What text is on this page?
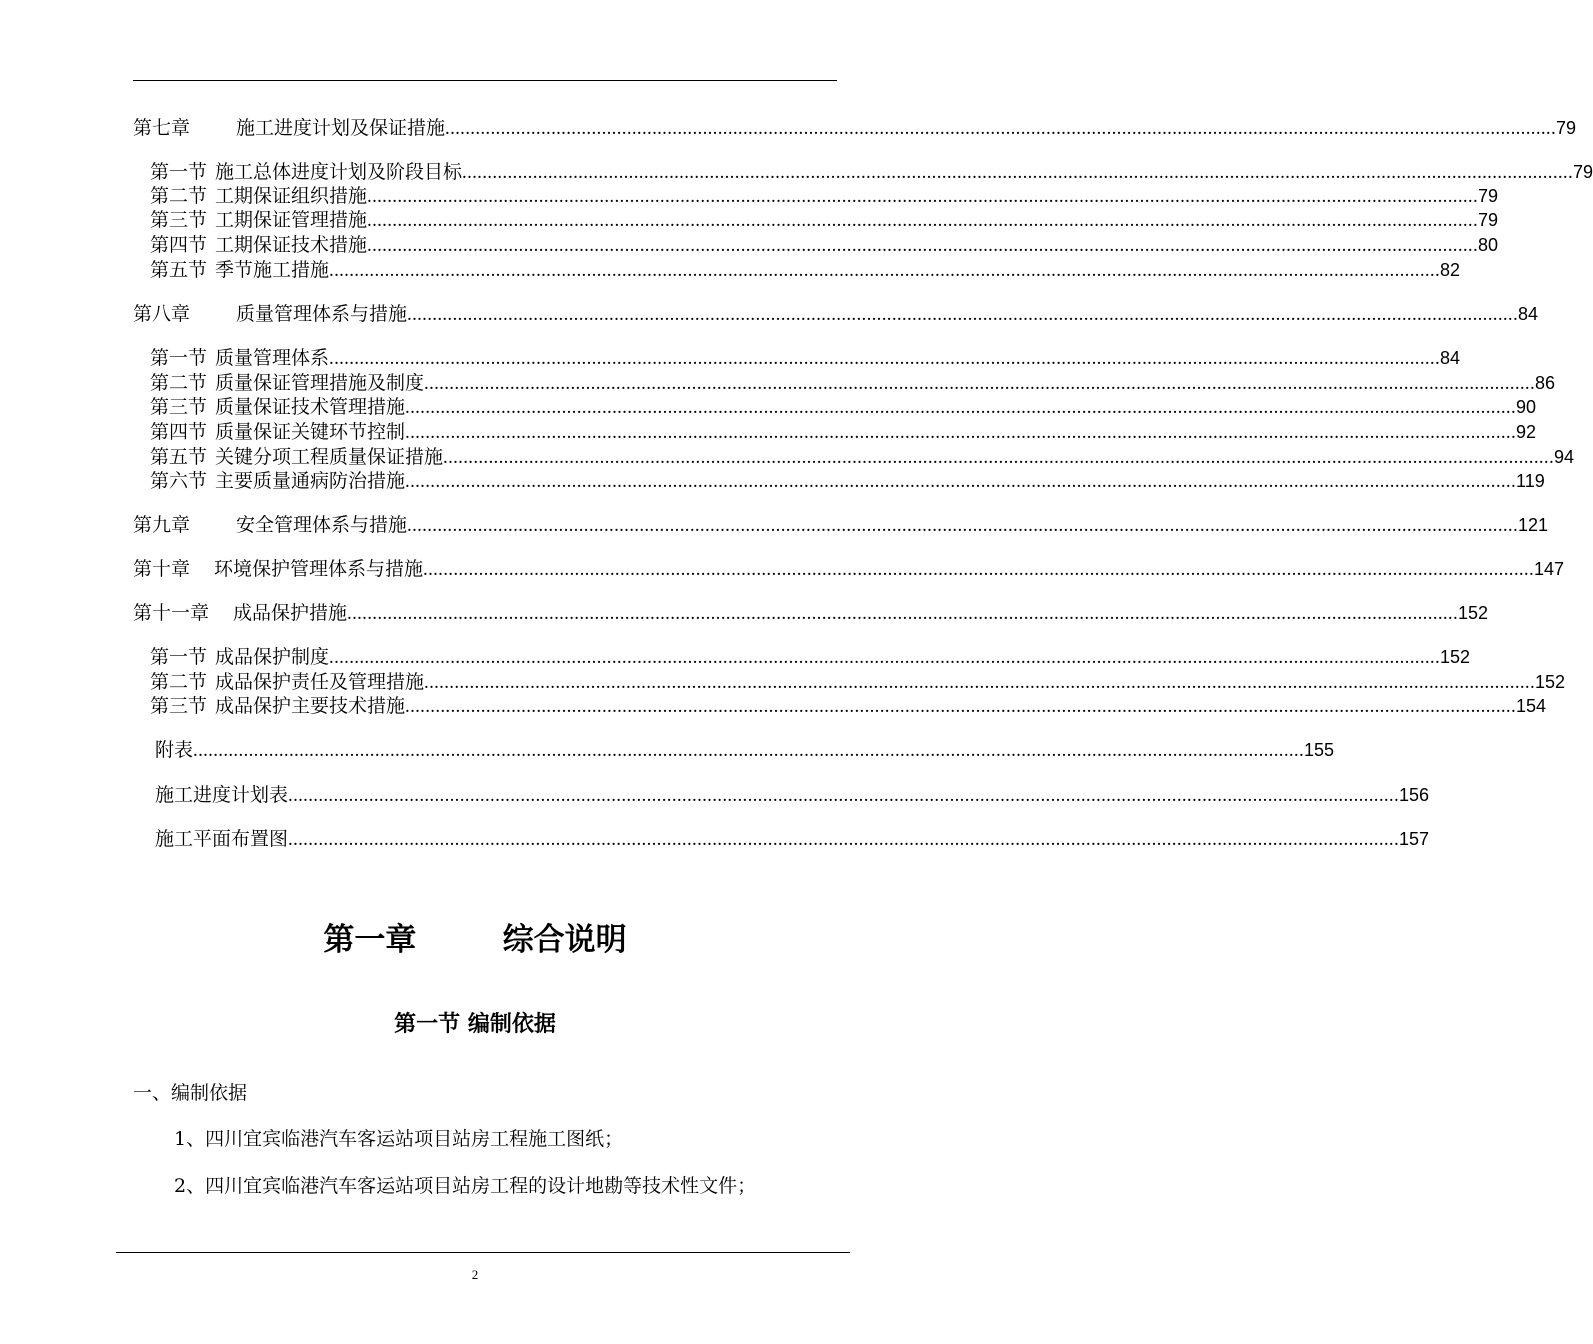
第七章 施工进度计划及保证措施 ............................................................................................................................................................................................................................ 79
第一节 施工总体进度计划及阶段目标 ............................................................................................................................................................................................................................ 79
第二节 工期保证组织措施 ............................................................................................................................................................................................................................ 79
第三节 工期保证管理措施 ............................................................................................................................................................................................................................ 79
第四节 工期保证技术措施 ............................................................................................................................................................................................................................ 80
第五节 季节施工措施 ............................................................................................................................................................................................................................ 82
第八章 质量管理体系与措施 ............................................................................................................................................................................................................................ 84
第一节 质量管理体系 ............................................................................................................................................................................................................................ 84
第二节 质量保证管理措施及制度 ............................................................................................................................................................................................................................ 86
第三节 质量保证技术管理措施 ............................................................................................................................................................................................................................ 90
第四节 质量保证关键环节控制 ............................................................................................................................................................................................................................ 92
第五节 关键分项工程质量保证措施 ............................................................................................................................................................................................................................ 94
第六节 主要质量通病防治措施 ............................................................................................................................................................................................................................ 119
第九章 安全管理体系与措施 ............................................................................................................................................................................................................................ 121
第十章 环境保护管理体系与措施 ............................................................................................................................................................................................................................ 147
第十一章 成品保护措施 ............................................................................................................................................................................................................................ 152
第一节 成品保护制度 ............................................................................................................................................................................................................................ 152
第二节 成品保护责任及管理措施 ............................................................................................................................................................................................................................ 152
第三节 成品保护主要技术措施 ............................................................................................................................................................................................................................ 154
附表 ............................................................................................................................................................................................................................ 155
施工进度计划表 ............................................................................................................................................................................................................................ 156
施工平面布置图 ............................................................................................................................................................................................................................ 157
第一章	综合说明
第一节 编制依据
一、编制依据
1、四川宜宾临港汽车客运站项目站房工程施工图纸；
2、四川宜宾临港汽车客运站项目站房工程的设计地勘等技术性文件；
2
